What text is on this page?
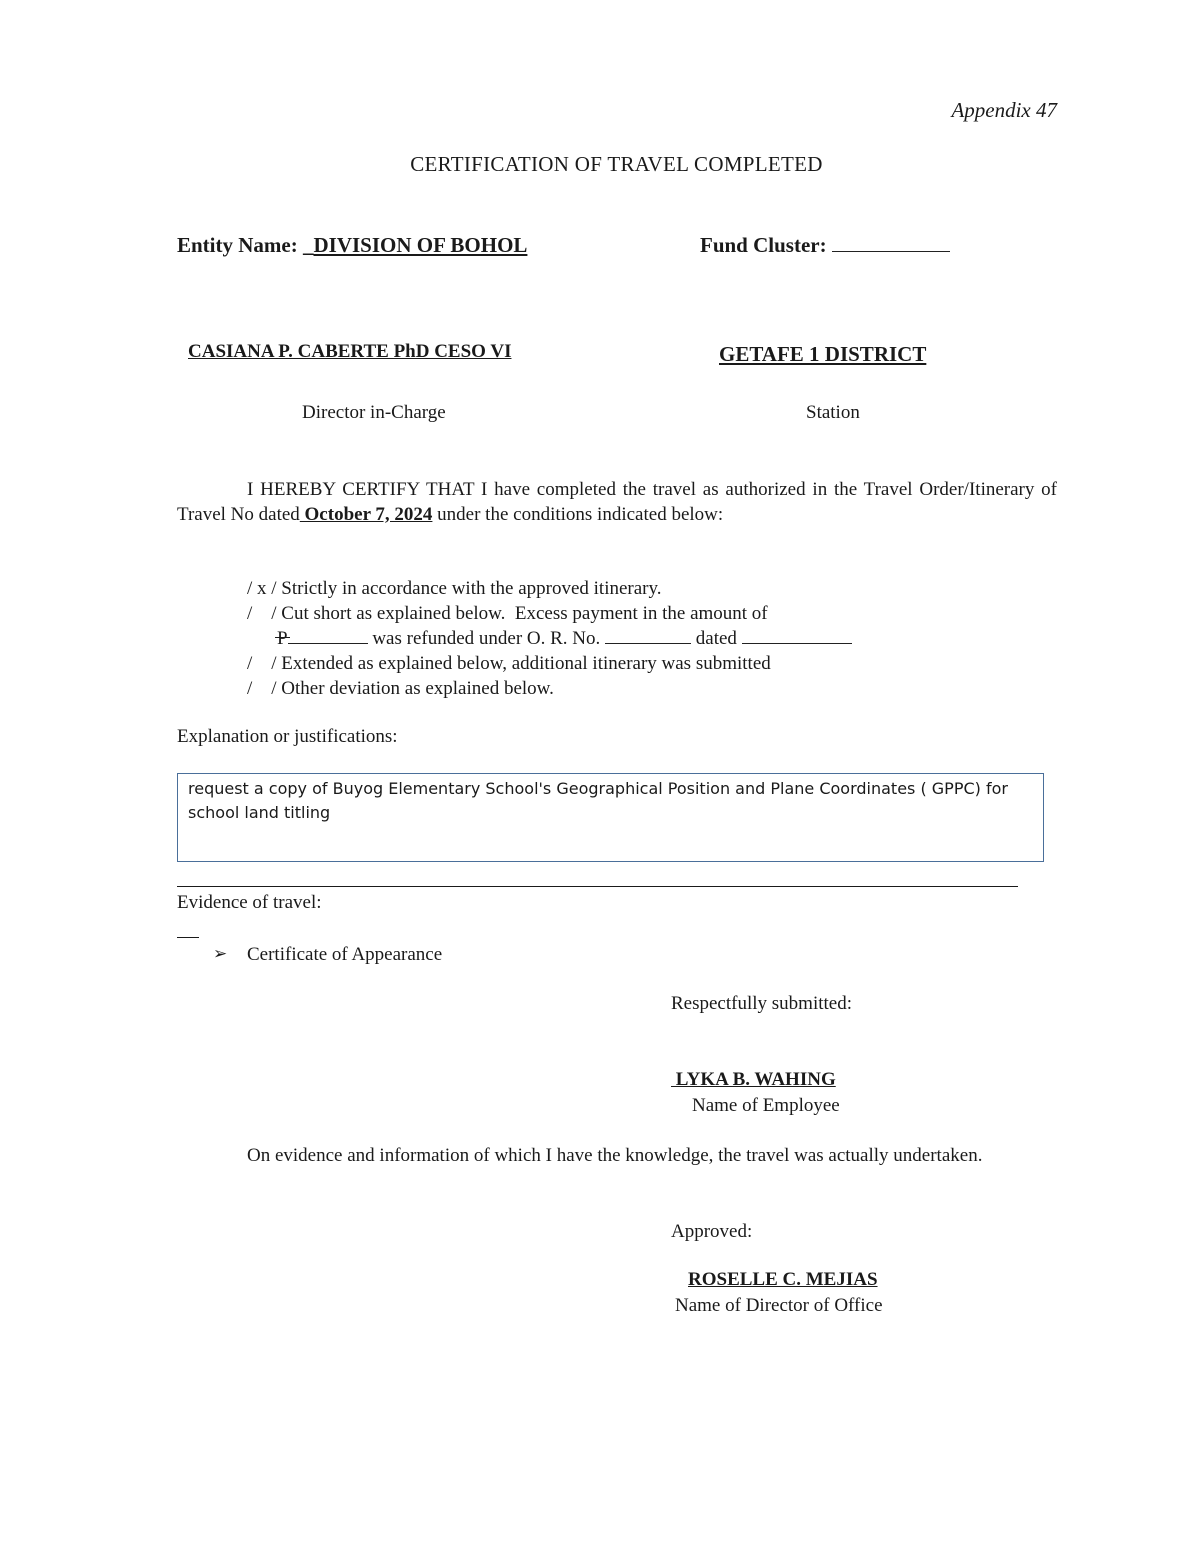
Appendix 47
CERTIFICATION OF TRAVEL COMPLETED
Entity Name: _DIVISION OF BOHOL	Fund Cluster:
CASIANA P. CABERTE PhD CESO VI	GETAFE 1 DISTRICT
Director in-Charge	Station
I HEREBY CERTIFY THAT I have completed the travel as authorized in the Travel Order/Itinerary of Travel No dated October 7, 2024 under the conditions indicated below:
/ x / Strictly in accordance with the approved itinerary.
/    / Cut short as explained below.  Excess payment in the amount of
P	was refunded under O. R. No.	dated
/    / Extended as explained below, additional itinerary was submitted
/    / Other deviation as explained below.
Explanation or justifications:
request a copy of Buyog Elementary School's Geographical Position and Plane Coordinates ( GPPC) for school land titling
Evidence of travel:
➢ Certificate of Appearance
Respectfully submitted:
LYKA B. WAHING
Name of Employee
On evidence and information of which I have the knowledge, the travel was actually undertaken.
Approved:
ROSELLE C. MEJIAS
Name of Director of Office
